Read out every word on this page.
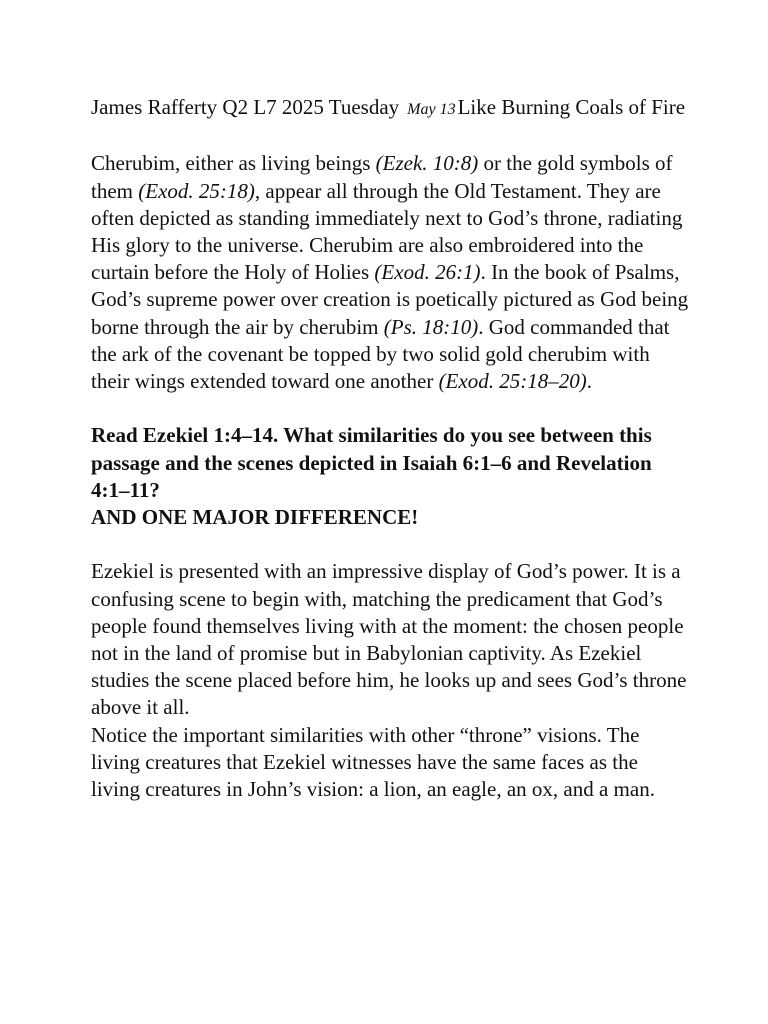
James Rafferty Q2 L7 2025 Tuesday May 13Like Burning Coals of Fire

Cherubim, either as living beings (Ezek. 10:8) or the gold symbols of them (Exod. 25:18), appear all through the Old Testament. They are often depicted as standing immediately next to God’s throne, radiating His glory to the universe. Cherubim are also embroidered into the curtain before the Holy of Holies (Exod. 26:1). In the book of Psalms, God’s supreme power over creation is poetically pictured as God being borne through the air by cherubim (Ps. 18:10). God commanded that the ark of the covenant be topped by two solid gold cherubim with their wings extended toward one another (Exod. 25:18–20).

Read Ezekiel 1:4–14. What similarities do you see between this passage and the scenes depicted in Isaiah 6:1–6 and Revelation 4:1–11?

AND ONE MAJOR DIFFERENCE!

Ezekiel is presented with an impressive display of God’s power. It is a confusing scene to begin with, matching the predicament that God’s people found themselves living with at the moment: the chosen people not in the land of promise but in Babylonian captivity. As Ezekiel studies the scene placed before him, he looks up and sees God’s throne above it all.

Notice the important similarities with other “throne” visions. The living creatures that Ezekiel witnesses have the same faces as the living creatures in John’s vision: a lion, an eagle, an ox, and a man.
